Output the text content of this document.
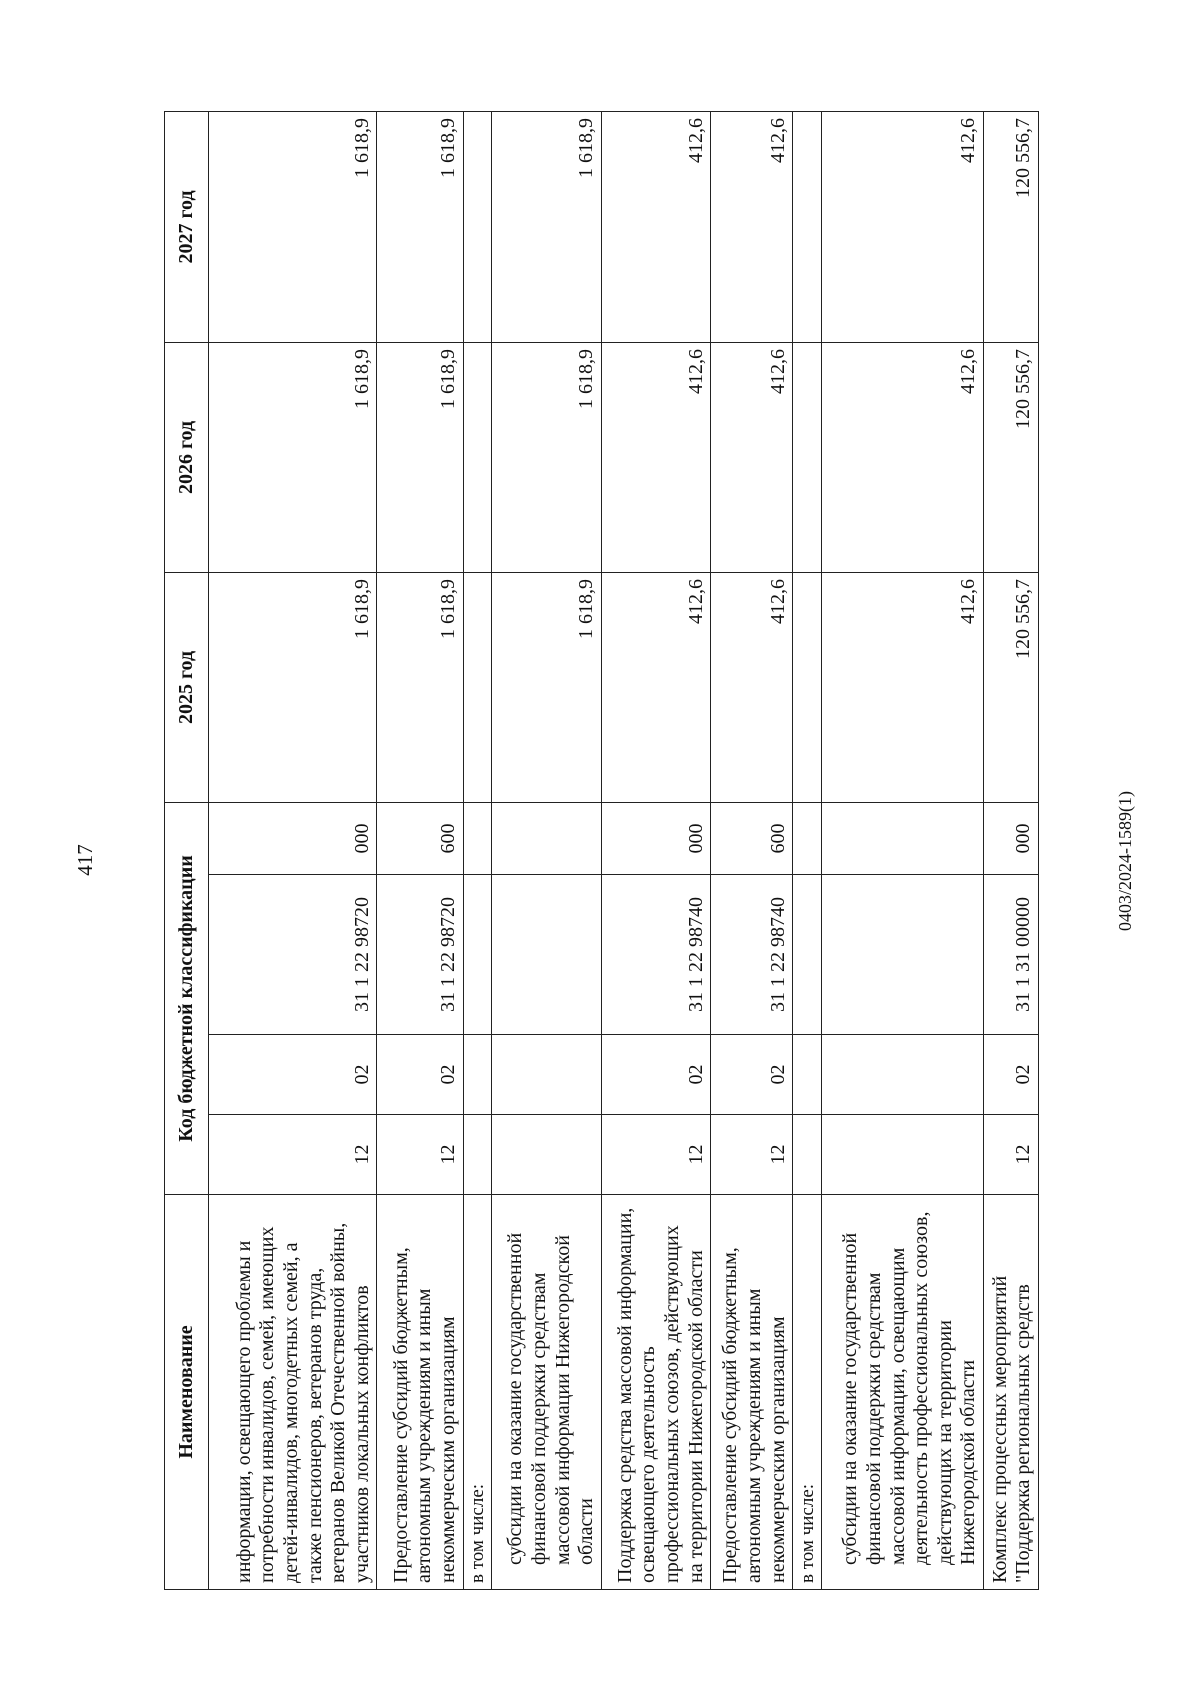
417	0403/2024-1589(1)
Наименование	Код бюджетной классификации				2025 год	2026 год	2027 год
информации, освещающего проблемы и потребности инвалидов, семей, имеющих детей-инвалидов, многодетных семей, а также пенсионеров, ветеранов труда, ветеранов Великой Отечественной войны, участников локальных конфликтов	12	02	31 1 22 98720	000	1 618,9	1 618,9	1 618,9
Предоставление субсидий бюджетным, автономным учреждениям и иным некоммерческим организациям	12	02	31 1 22 98720	600	1 618,9	1 618,9	1 618,9
в том числе:							
субсидии на оказание государственной финансовой поддержки средствам массовой информации Нижегородской области					1 618,9	1 618,9	1 618,9
Поддержка средства массовой информации, освещающего деятельность профессиональных союзов, действующих на территории Нижегородской области	12	02	31 1 22 98740	000	412,6	412,6	412,6
Предоставление субсидий бюджетным, автономным учреждениям и иным некоммерческим организациям	12	02	31 1 22 98740	600	412,6	412,6	412,6
в том числе:							
субсидии на оказание государственной финансовой поддержки средствам массовой информации, освещающим деятельность профессиональных союзов, действующих на территории Нижегородской области					412,6	412,6	412,6
Комплекс процессных мероприятий "Поддержка региональных средств	12	02	31 1 31 00000	000	120 556,7	120 556,7	120 556,7
